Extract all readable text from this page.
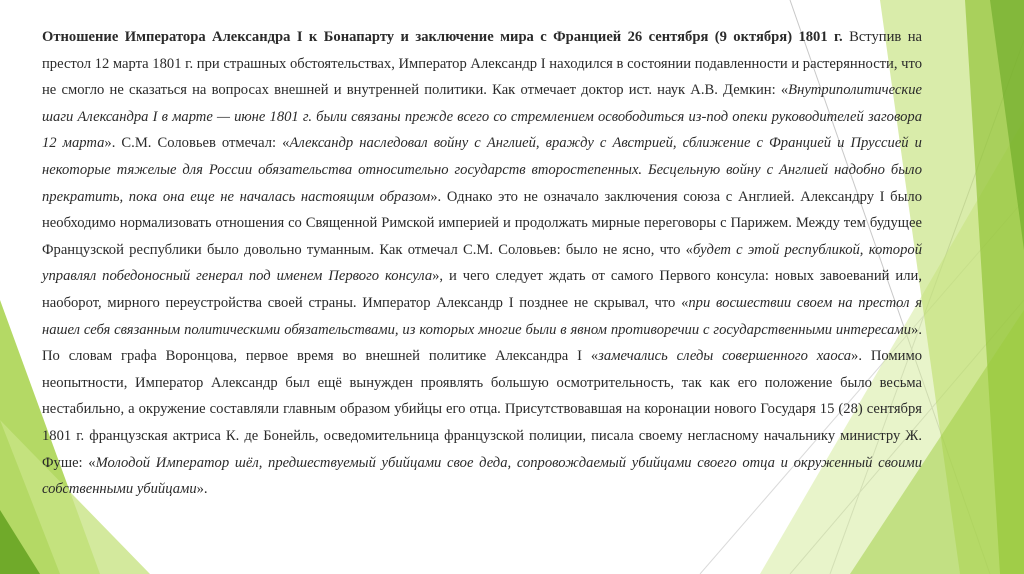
Отношение Императора Александра I к Бонапарту и заключение мира с Францией 26 сентября (9 октября) 1801 г. Вступив на престол 12 марта 1801 г. при страшных обстоятельствах, Император Александр I находился в состоянии подавленности и растерянности, что не смогло не сказаться на вопросах внешней и внутренней политики. Как отмечает доктор ист. наук А.В. Демкин: «Внутриполитические шаги Александра I в марте — июне 1801 г. были связаны прежде всего со стремлением освободиться из-под опеки руководителей заговора 12 марта». С.М. Соловьев отмечал: «Александр наследовал войну с Англией, вражду с Австрией, сближение с Францией и Пруссией и некоторые тяжелые для России обязательства относительно государств второстепенных. Бесцельную войну с Англией надобно было прекратить, пока она еще не началась настоящим образом». Однако это не означало заключения союза с Англией. Александру I было необходимо нормализовать отношения со Священной Римской империей и продолжать мирные переговоры с Парижем. Между тем будущее Французской республики было довольно туманным. Как отмечал С.М. Соловьев: было не ясно, что «будет с этой республикой, которой управлял победоносный генерал под именем Первого консула», и чего следует ждать от самого Первого консула: новых завоеваний или, наоборот, мирного переустройства своей страны. Император Александр I позднее не скрывал, что «при восшествии своем на престол я нашел себя связанным политическими обязательствами, из которых многие были в явном противоречии с государственными интересами». По словам графа Воронцова, первое время во внешней политике Александра I «замечались следы совершенного хаоса». Помимо неопытности, Император Александр был ещё вынужден проявлять большую осмотрительность, так как его положение было весьма нестабильно, а окружение составляли главным образом убийцы его отца. Присутствовавшая на коронации нового Государя 15 (28) сентября 1801 г. французская актриса К. де Бонейль, осведомительница французской полиции, писала своему негласному начальнику министру Ж. Фуше: «Молодой Император шёл, предшествуемый убийцами свое деда, сопровождаемый убийцами своего отца и окруженный своими собственными убийцами».
